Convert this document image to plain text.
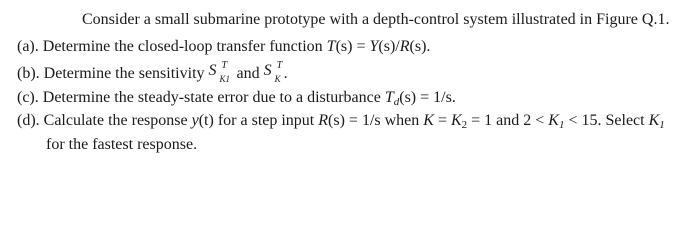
Consider a small submarine prototype with a depth-control system illustrated in Figure Q.1.
(a). Determine the closed-loop transfer function T(s) = Y(s)/R(s).
(b). Determine the sensitivity S T
K1 and S T
K .
(c). Determine the steady-state error due to a disturbance $T_d(s) = 1/s$.
(d). Calculate the response y(t) for a step input R(s) = 1/s when $K = K_2 = 1$ and $2 < K_1 < 15$. Select $K_1$
for the fastest response.
